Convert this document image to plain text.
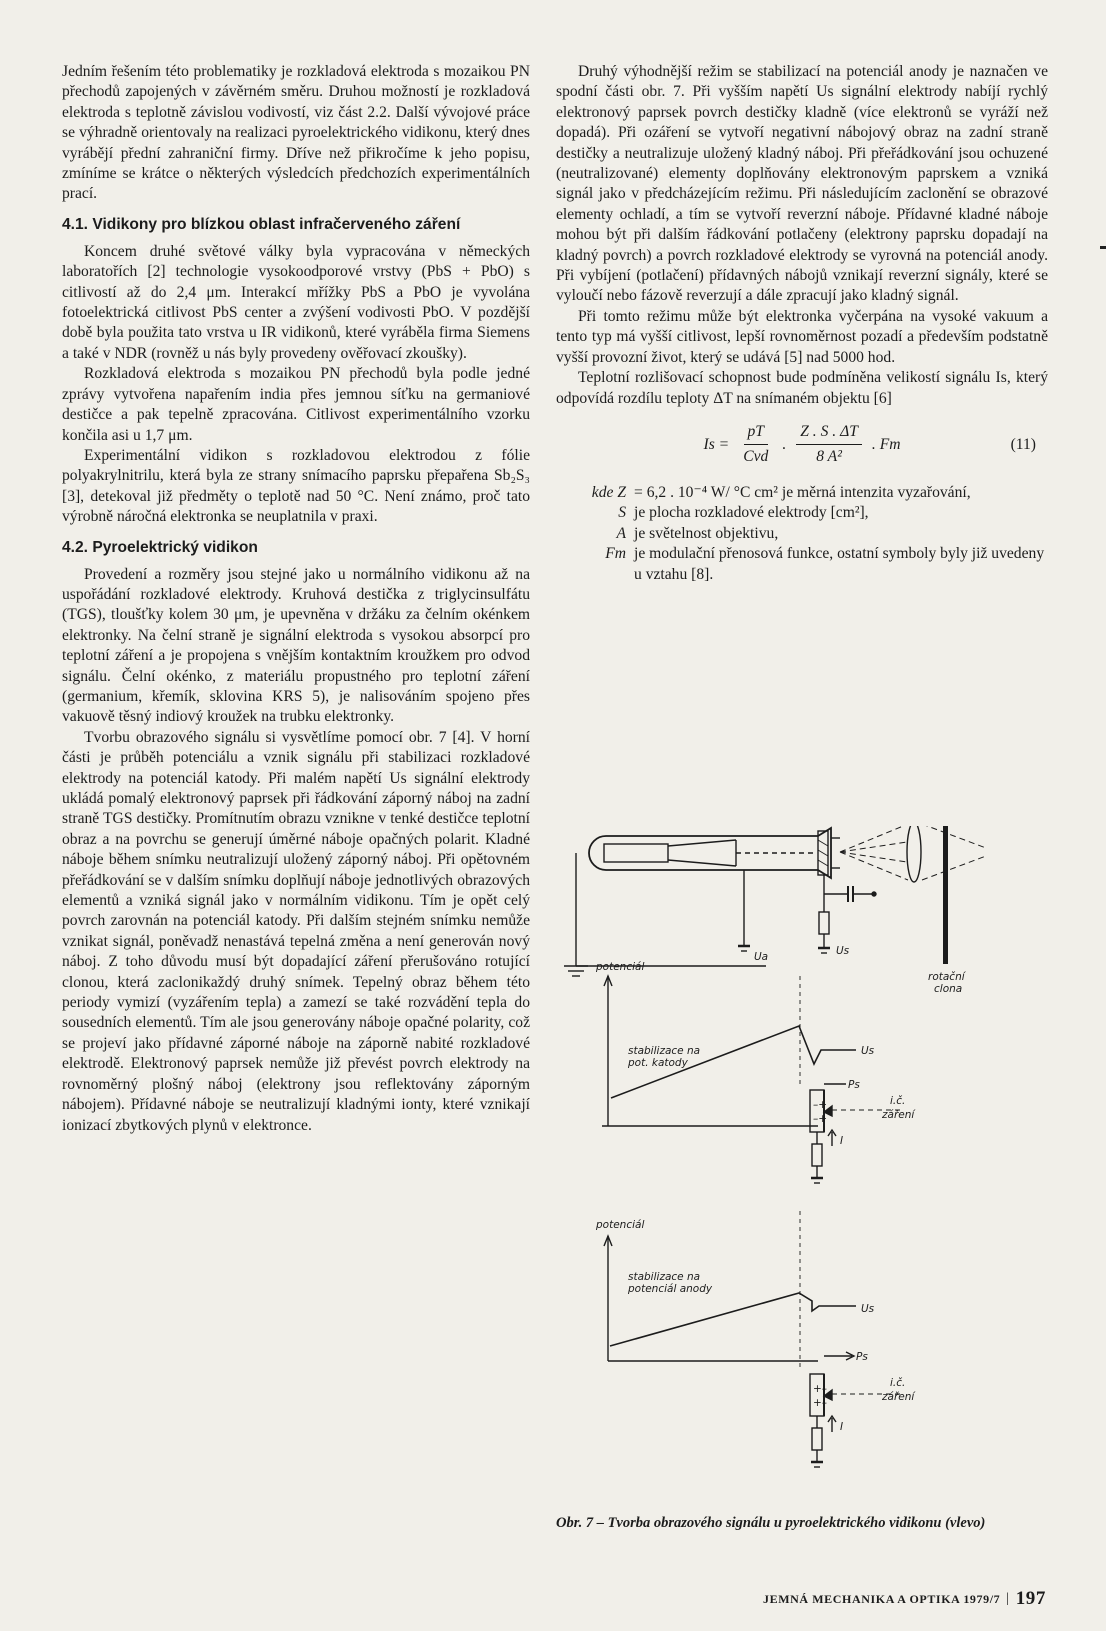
Jedním řešením této problematiky je rozkladová elektroda s mozaikou PN přechodů zapojených v závěrném směru. Druhou možností je rozkladová elektroda s teplotně závislou vodivostí, viz část 2.2. Další vývojové práce se výhradně orientovaly na realizaci pyroelektrického vidikonu, který dnes vyrábějí přední zahraniční firmy. Dříve než přikročíme k jeho popisu, zmíníme se krátce o některých výsledcích předchozích experimentálních prací.

4.1. Vidikony pro blízkou oblast infračerveného záření

Koncem druhé světové války byla vypracována v německých laboratořích [2] technologie vysokoodporové vrstvy (PbS + PbO) s citlivostí až do 2,4 μm. Interakcí mřížky PbS a PbO je vyvolána fotoelektrická citlivost PbS center a zvýšení vodivosti PbO. V pozdější době byla použita tato vrstva u IR vidikonů, které vyráběla firma Siemens a také v NDR (rovněž u nás byly provedeny ověřovací zkoušky).

Rozkladová elektroda s mozaikou PN přechodů byla podle jedné zprávy vytvořena napařením india přes jemnou síťku na germaniové destičce a pak tepelně zpracována. Citlivost experimentálního vzorku končila asi u 1,7 μm.

Experimentální vidikon s rozkladovou elektrodou z fólie polyakrylnitrilu, která byla ze strany snímacího paprsku přepařena Sb₂S₃ [3], detekoval již předměty o teplotě nad 50 °C. Není známo, proč tato výrobně náročná elektronka se neuplatnila v praxi.

4.2. Pyroelektrický vidikon

Provedení a rozměry jsou stejné jako u normálního vidikonu až na uspořádání rozkladové elektrody. Kruhová destička z triglycinsulfátu (TGS), tloušťky kolem 30 μm, je upevněna v držáku za čelním okénkem elektronky. Na čelní straně je signální elektroda s vysokou absorpcí pro teplotní záření a je propojena s vnějším kontaktním kroužkem pro odvod signálu. Čelní okénko, z materiálu propustného pro teplotní záření (germanium, křemík, sklovina KRS 5), je nalisováním spojeno přes vakuově těsný indiový kroužek na trubku elektronky.

Tvorbu obrazového signálu si vysvětlíme pomocí obr. 7 [4]. V horní části je průběh potenciálu a vznik signálu při stabilizaci rozkladové elektrody na potenciál katody. Při malém napětí Us signální elektrody ukládá pomalý elektronový paprsek při řádkování záporný náboj na zadní straně TGS destičky. Promítnutím obrazu vznikne v tenké destičce teplotní obraz a na povrchu se generují úměrné náboje opačných polarit. Kladné náboje během snímku neutralizují uložený záporný náboj. Při opětovném přeřádkování se v dalším snímku doplňují náboje jednotlivých obrazových elementů a vzniká signál jako v normálním vidikonu. Tím je opět celý povrch zarovnán na potenciál katody. Při dalším stejném snímku nemůže vznikat signál, poněvadž nenastává tepelná změna a není generován nový náboj. Z toho důvodu musí být dopadající záření přerušováno rotující clonou, která zaclonikaždý druhý snímek. Tepelný obraz během této periody vymizí (vyzářením tepla) a zamezí se také rozvádění tepla do sousedních elementů. Tím ale jsou generovány náboje opačné polarity, což se projeví jako přídavné záporné náboje na záporně nabité rozkladové elektrodě. Elektronový paprsek nemůže již převést povrch elektrody na rovnoměrný plošný náboj (elektrony jsou reflektovány záporným nábojem). Přídavné náboje se neutralizují kladnými ionty, které vznikají ionizací zbytkových plynů v elektronce.

Druhý výhodnější režim se stabilizací na potenciál anody je naznačen ve spodní části obr. 7. Při vyšším napětí Us signální elektrody nabíjí rychlý elektronový paprsek povrch destičky kladně (více elektronů se vyráží než dopadá). Při ozáření se vytvoří negativní nábojový obraz na zadní straně destičky a neutralizuje uložený kladný náboj. Při přeřádkování jsou ochuzené (neutralizované) elementy doplňovány elektronovým paprskem a vzniká signál jako v předcházejícím režimu. Při následujícím zaclonění se obrazové elementy ochladí, a tím se vytvoří reverzní náboje. Přídavné kladné náboje mohou být při dalším řádkování potlačeny (elektrony paprsku dopadají na kladný povrch) a povrch rozkladové elektrody se vyrovná na potenciál anody. Při vybíjení (potlačení) přídavných nábojů vznikají reverzní signály, které se vyloučí nebo fázově reverzují a dále zpracují jako kladný signál.

Při tomto režimu může být elektronka vyčerpána na vysoké vakuum a tento typ má vyšší citlivost, lepší rovnoměrnost pozadí a především podstatně vyšší provozní život, který se udává [5] nad 5000 hod.

Teplotní rozlišovací schopnost bude podmíněna velikostí signálu Is, který odpovídá rozdílu teploty ΔT na snímaném objektu [6]

$Is = \frac{pT}{\text{Cvd}}$ . $\frac{Z . S . \Delta T}{\text{8 A²}}$ . Fm	(11)
kde Z = 6,2 . 10⁻⁴ W/ °C cm² je měrná intenzita vyzařování,
S je plocha rozkladové elektrody [cm²],
A je světelnost objektivu,
Fm je modulační přenosová funkce, ostatní symboly byly již uvedeny u vztahu [8].
rotační
clona
Ua	Us
potenciál
stabilizace na
pot. katody
Us
–+
–+
Ps
i.č.
záření
I
potenciál
stabilizace na
potenciál anody
Us
+–
+–
Ps
i.č.
záření
I
Obr. 7 – Tvorba obrazového signálu u pyroelektrického vidikonu (vlevo)
JEMNÁ MECHANIKA A OPTIKA 1979/7 | 197
